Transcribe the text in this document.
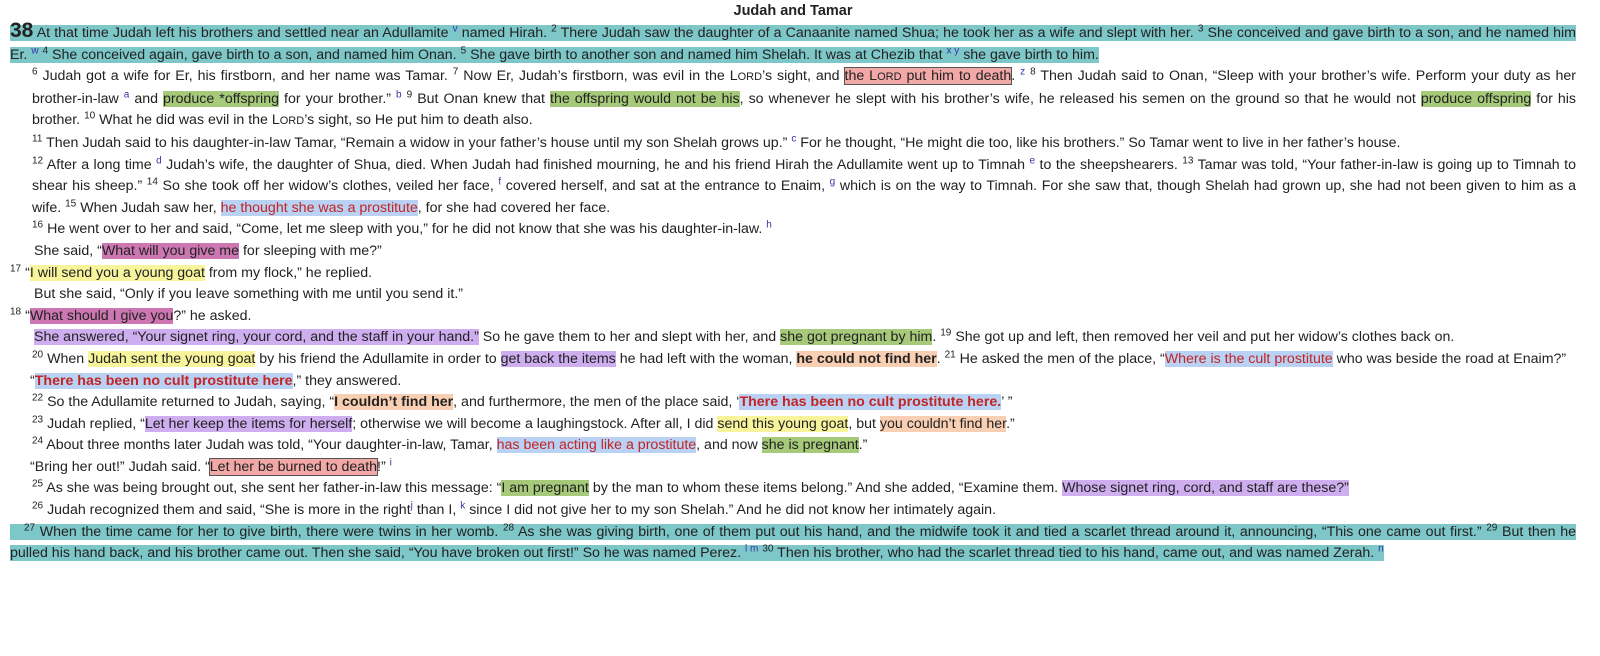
Judah and Tamar

38 At that time Judah left his brothers and settled near an Adullamite $^v$ named Hirah. $^2$ There Judah saw the daughter of a Canaanite named Shua; he took her as a wife and slept with her. $^3$ She conceived and gave birth to a son, and he named him Er. $^w$ $^4$ She conceived again, gave birth to a son, and named him Onan. $^5$ She gave birth to another son and named him Shelah. It was at Chezib that $^{x y}$ she gave birth to him.

$^6$ Judah got a wife for Er, his firstborn, and her name was Tamar. $^7$ Now Er, Judah’s firstborn, was evil in the LORD’s sight, and the LORD put him to death. $^z$ $^8$ Then Judah said to Onan, “Sleep with your brother’s wife. Perform your duty as her brother-in-law $^a$ and produce *offspring for your brother.” $^b$ $^9$ But Onan knew that the offspring would not be his, so whenever he slept with his brother’s wife, he released his semen on the ground so that he would not produce offspring for his brother. $^{10}$ What he did was evil in the LORD’s sight, so He put him to death also.

$^{11}$ Then Judah said to his daughter-in-law Tamar, “Remain a widow in your father’s house until my son Shelah grows up.” $^c$ For he thought, “He might die too, like his brothers.” So Tamar went to live in her father’s house.

$^{12}$ After a long time $^d$ Judah’s wife, the daughter of Shua, died. When Judah had finished mourning, he and his friend Hirah the Adullamite went up to Timnah $^e$ to the sheepshearers. $^{13}$ Tamar was told, “Your father-in-law is going up to Timnah to shear his sheep.” $^{14}$ So she took off her widow’s clothes, veiled her face, $^f$ covered herself, and sat at the entrance to Enaim, $^g$ which is on the way to Timnah. For she saw that, though Shelah had grown up, she had not been given to him as a wife. $^{15}$ When Judah saw her, he thought she was a prostitute, for she had covered her face.

$^{16}$ He went over to her and said, “Come, let me sleep with you,” for he did not know that she was his daughter-in-law. $^h$

She said, “What will you give me for sleeping with me?”

$^{17}$ “I will send you a young goat from my flock,” he replied.

But she said, “Only if you leave something with me until you send it.”

$^{18}$ “What should I give you?” he asked.

She answered, “Your signet ring, your cord, and the staff in your hand.” So he gave them to her and slept with her, and she got pregnant by him. $^{19}$ She got up and left, then removed her veil and put her widow’s clothes back on.

$^{20}$ When Judah sent the young goat by his friend the Adullamite in order to get back the items he had left with the woman, he could not find her. $^{21}$ He asked the men of the place, “Where is the cult prostitute who was beside the road at Enaim?”

“There has been no cult prostitute here,” they answered.

$^{22}$ So the Adullamite returned to Judah, saying, “I couldn’t find her, and furthermore, the men of the place said, ‘There has been no cult prostitute here.’ ”

$^{23}$ Judah replied, “Let her keep the items for herself; otherwise we will become a laughingstock. After all, I did send this young goat, but you couldn’t find her.”

$^{24}$ About three months later Judah was told, “Your daughter-in-law, Tamar, has been acting like a prostitute, and now she is pregnant.”

“Bring her out!” Judah said. “Let her be burned to death!” $^i$

$^{25}$ As she was being brought out, she sent her father-in-law this message: “I am pregnant by the man to whom these items belong.” And she added, “Examine them. Whose signet ring, cord, and staff are these?”

$^{26}$ Judah recognized them and said, “She is more in the right$^j$ than I, $^k$ since I did not give her to my son Shelah.” And he did not know her intimately again.

$^{27}$ When the time came for her to give birth, there were twins in her womb. $^{28}$ As she was giving birth, one of them put out his hand, and the midwife took it and tied a scarlet thread around it, announcing, “This one came out first.” $^{29}$ But then he pulled his hand back, and his brother came out. Then she said, “You have broken out first!” So he was named Perez. $^{l m}$ $^{30}$ Then his brother, who had the scarlet thread tied to his hand, came out, and was named Zerah. $^n$
